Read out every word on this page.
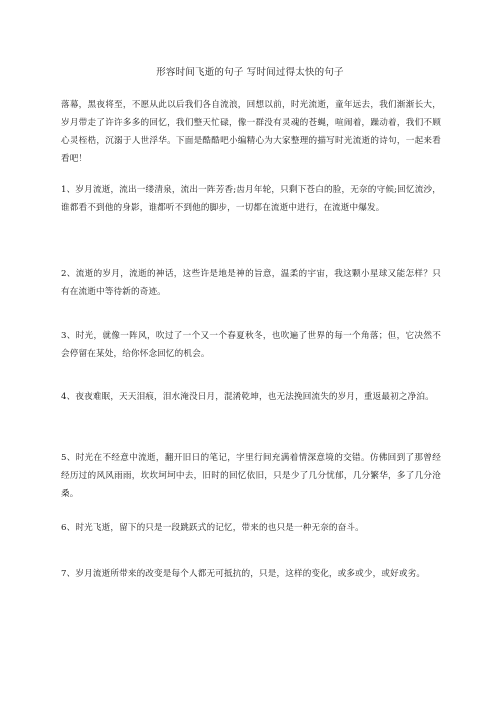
形容时间飞逝的句子 写时间过得太快的句子

落幕，黑夜将至，不愿从此以后我们各自流浪，回想以前，时光流逝，童年远去，我们渐渐长大，岁月带走了许许多多的回忆，我们整天忙碌，像一群没有灵魂的苍蝇，喧闹着，躁动着，我们不顾心灵桎梏，沉溺于人世浮华。下面是酷酷吧小编精心为大家整理的描写时光流逝的诗句，一起来看看吧！

1、岁月流逝，流出一缕清泉，流出一阵芳香;齿月年轮，只剩下苍白的脸，无奈的守候;回忆流沙，谁都看不到他的身影，谁都听不到他的脚步，一切都在流逝中进行，在流逝中爆发。

2、流逝的岁月，流逝的神话，这些许是地是神的旨意，温柔的宇宙，我这颗小星球又能怎样？只有在流逝中等待新的奇迹。

3、时光，就像一阵风，吹过了一个又一个春夏秋冬，也吹遍了世界的每一个角落；但，它决然不会停留在某处，给你怀念回忆的机会。

4、夜夜难眠，天天泪痕，泪水淹没日月，混淆乾坤，也无法挽回流失的岁月，重返最初之净泊。

5、时光在不经意中流逝，翻开旧日的笔记，字里行间充满着情深意境的交错。仿佛回到了那曾经经历过的风风雨雨，坎坎坷坷中去，旧时的回忆依旧，只是少了几分忧郁，几分繁华，多了几分沧桑。

6、时光飞逝，留下的只是一段跳跃式的记忆，带来的也只是一种无奈的奋斗。

7、岁月流逝所带来的改变是每个人都无可抵抗的，只是，这样的变化，或多或少，或好或劣。
